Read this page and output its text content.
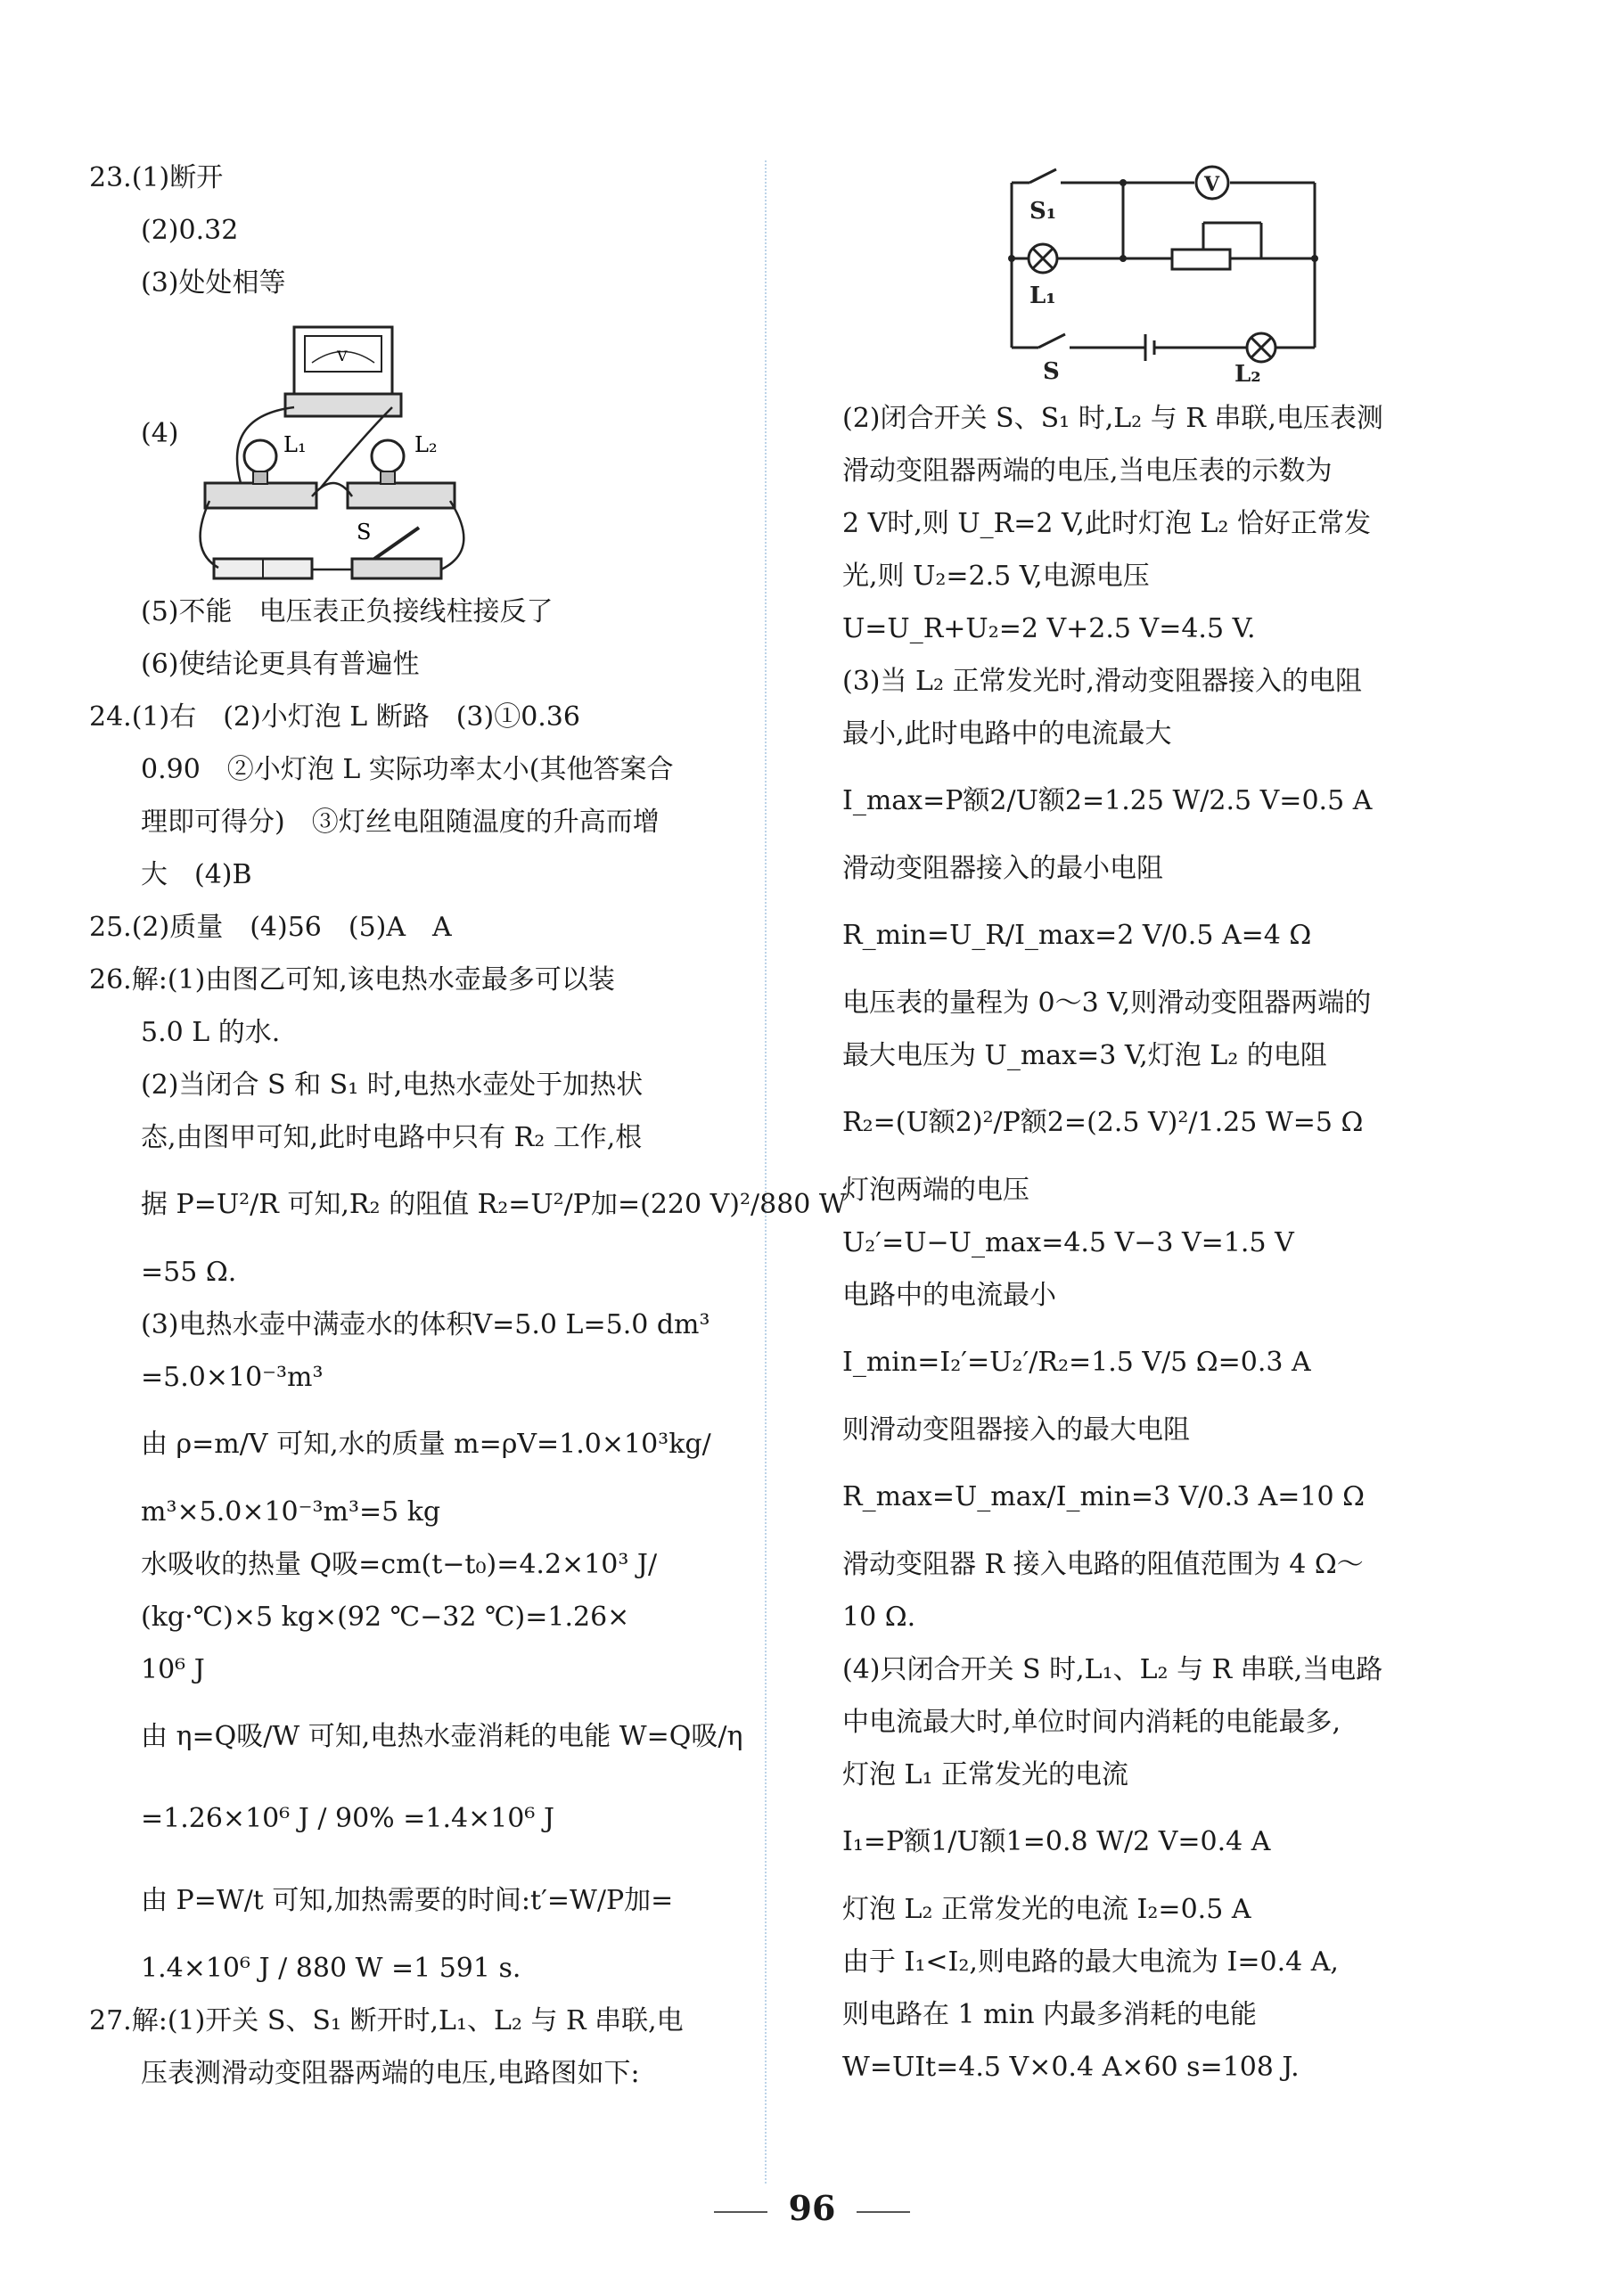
23.(1)断开
(2)0.32
(3)处处相等
(4)
V
L₁	L₂
S
(5)不能　电压表正负接线柱接反了
(6)使结论更具有普遍性
24.(1)右　(2)小灯泡 L 断路　(3)①0.36
0.90　②小灯泡 L 实际功率太小(其他答案合
理即可得分)　③灯丝电阻随温度的升高而增
大　(4)B
25.(2)质量　(4)56　(5)A　A
26.解:(1)由图乙可知,该电热水壶最多可以装
5.0 L 的水.
(2)当闭合 S 和 S₁ 时,电热水壶处于加热状
态,由图甲可知,此时电路中只有 R₂ 工作,根
据 P=U²/R 可知,R₂ 的阻值 R₂=U²/P加=(220 V)²/880 W
=55 Ω.
(3)电热水壶中满壶水的体积V=5.0 L=5.0 dm³
=5.0×10⁻³m³
由 ρ=m/V 可知,水的质量 m=ρV=1.0×10³kg/
m³×5.0×10⁻³m³=5 kg
水吸收的热量 Q吸=cm(t−t₀)=4.2×10³ J/
(kg·℃)×5 kg×(92 ℃−32 ℃)=1.26×
10⁶ J
由 η=Q吸/W 可知,电热水壶消耗的电能 W=Q吸/η
=1.26×10⁶ J / 90% =1.4×10⁶ J
由 P=W/t 可知,加热需要的时间:t′=W/P加=
1.4×10⁶ J / 880 W =1 591 s.
27.解:(1)开关 S、S₁ 断开时,L₁、L₂ 与 R 串联,电
压表测滑动变阻器两端的电压,电路图如下:
S₁
V
L₁
S	L₂
(2)闭合开关 S、S₁ 时,L₂ 与 R 串联,电压表测
滑动变阻器两端的电压,当电压表的示数为
2 V时,则 U_R=2 V,此时灯泡 L₂ 恰好正常发
光,则 U₂=2.5 V,电源电压
U=U_R+U₂=2 V+2.5 V=4.5 V.
(3)当 L₂ 正常发光时,滑动变阻器接入的电阻
最小,此时电路中的电流最大
I_max=P额2/U额2=1.25 W/2.5 V=0.5 A
滑动变阻器接入的最小电阻
R_min=U_R/I_max=2 V/0.5 A=4 Ω
电压表的量程为 0～3 V,则滑动变阻器两端的
最大电压为 U_max=3 V,灯泡 L₂ 的电阻
R₂=(U额2)²/P额2=(2.5 V)²/1.25 W=5 Ω
灯泡两端的电压
U₂′=U−U_max=4.5 V−3 V=1.5 V
电路中的电流最小
I_min=I₂′=U₂′/R₂=1.5 V/5 Ω=0.3 A
则滑动变阻器接入的最大电阻
R_max=U_max/I_min=3 V/0.3 A=10 Ω
滑动变阻器 R 接入电路的阻值范围为 4 Ω～
10 Ω.
(4)只闭合开关 S 时,L₁、L₂ 与 R 串联,当电路
中电流最大时,单位时间内消耗的电能最多,
灯泡 L₁ 正常发光的电流
I₁=P额1/U额1=0.8 W/2 V=0.4 A
灯泡 L₂ 正常发光的电流 I₂=0.5 A
由于 I₁<I₂,则电路的最大电流为 I=0.4 A,
则电路在 1 min 内最多消耗的电能
W=UIt=4.5 V×0.4 A×60 s=108 J.
96
